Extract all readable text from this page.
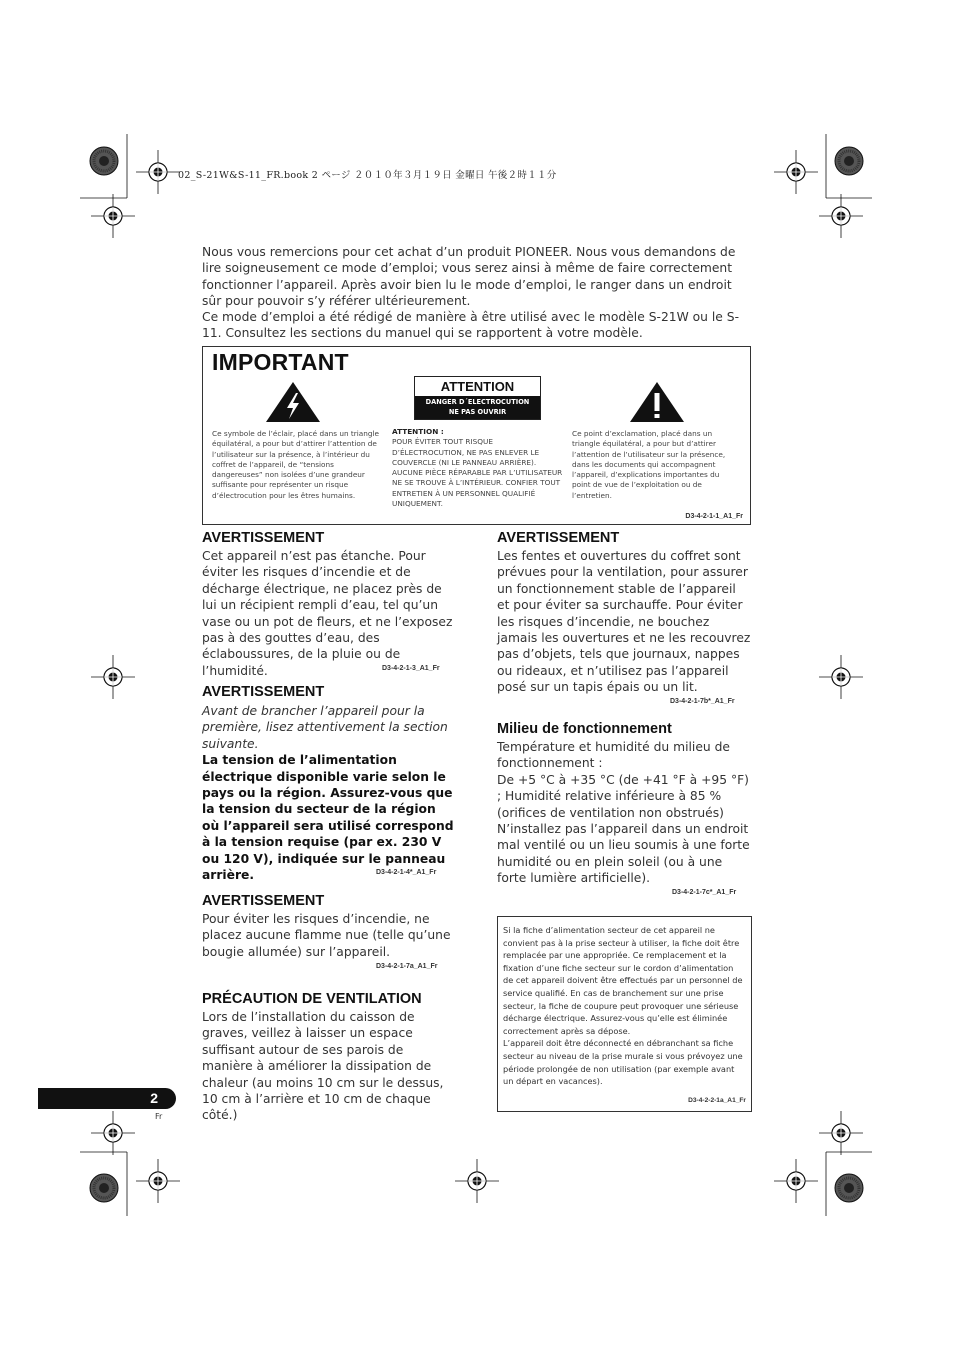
02_S-21W&S-11_FR.book 2 ページ ２０１０年３月１９日 金曜日 午後２時１１分

Nous vous remercions pour cet achat d’un produit PIONEER. Nous vous demandons de lire soigneusement ce mode d’emploi; vous serez ainsi à même de faire correctement fonctionner l’appareil. Après avoir bien lu le mode d’emploi, le ranger dans un endroit sûr pour pouvoir s’y référer ultérieurement.

Ce mode d’emploi a été rédigé de manière à être utilisé avec le modèle S-21W ou le S-11. Consultez les sections du manuel qui se rapportent à votre modèle.

IMPORTANT
ATTENTION
DANGER D´ELECTROCUTION
NE PAS OUVRIR
Ce symbole de l’éclair, placé dans un triangle équilatéral, a pour but d’attirer l’attention de l’utilisateur sur la présence, à l’intérieur du coffret de l’appareil, de “tensions dangereuses” non isolées d’une grandeur suffisante pour représenter un risque d’électrocution pour les êtres humains.
ATTENTION :
POUR ÉVITER TOUT RISQUE D’ÉLECTROCUTION, NE PAS ENLEVER LE COUVERCLE (NI LE PANNEAU ARRIÈRE). AUCUNE PIÈCE RÉPARABLE PAR L’UTILISATEUR NE SE TROUVE À L’INTÉRIEUR. CONFIER TOUT ENTRETIEN À UN PERSONNEL QUALIFIÉ UNIQUEMENT.
Ce point d’exclamation, placé dans un triangle équilatéral, a pour but d’attirer l’attention de l’utilisateur sur la présence, dans les documents qui accompagnent l’appareil, d’explications importantes du point de vue de l’exploitation ou de l’entretien.
D3-4-2-1-1_A1_Fr
AVERTISSEMENT
Cet appareil n’est pas étanche. Pour éviter les risques d’incendie et de décharge électrique, ne placez près de lui un récipient rempli d’eau, tel qu’un vase ou un pot de fleurs, et ne l’exposez pas à des gouttes d’eau, des éclaboussures, de la pluie ou de l’humidité.	D3-4-2-1-3_A1_Fr
AVERTISSEMENT

Avant de brancher l’appareil pour la première, lisez attentivement la section suivante.

La tension de l’alimentation électrique disponible varie selon le pays ou la région. Assurez-vous que la tension du secteur de la région où l’appareil sera utilisé correspond à la tension requise (par ex. 230 V ou 120 V), indiquée sur le panneau arrière.	D3-4-2-1-4*_A1_Fr
AVERTISSEMENT
Pour éviter les risques d’incendie, ne placez aucune flamme nue (telle qu’une bougie allumée) sur l’appareil.
D3-4-2-1-7a_A1_Fr
PRÉCAUTION DE VENTILATION
Lors de l’installation du caisson de graves, veillez à laisser un espace suffisant autour de ses parois de manière à améliorer la dissipation de chaleur (au moins 10 cm sur le dessus, 10 cm à l’arrière et 10 cm de chaque côté.)
AVERTISSEMENT
Les fentes et ouvertures du coffret sont prévues pour la ventilation, pour assurer un fonctionnement stable de l’appareil et pour éviter sa surchauffe. Pour éviter les risques d’incendie, ne bouchez jamais les ouvertures et ne les recouvrez pas d’objets, tels que journaux, nappes ou rideaux, et n’utilisez pas l’appareil posé sur un tapis épais ou un lit.
D3-4-2-1-7b*_A1_Fr
Milieu de fonctionnement
Température et humidité du milieu de fonctionnement :
De +5 °C à +35 °C (de +41 °F à +95 °F) ; Humidité relative inférieure à 85 % (orifices de ventilation non obstrués)
N’installez pas l’appareil dans un endroit mal ventilé ou un lieu soumis à une forte humidité ou en plein soleil (ou à une forte lumière artificielle).
D3-4-2-1-7c*_A1_Fr

Si la fiche d’alimentation secteur de cet appareil ne convient pas à la prise secteur à utiliser, la fiche doit être remplacée par une appropriée. Ce remplacement et la fixation d’une fiche secteur sur le cordon d’alimentation de cet appareil doivent être effectués par un personnel de service qualifié. En cas de branchement sur une prise secteur, la fiche de coupure peut provoquer une sérieuse décharge électrique. Assurez-vous qu’elle est éliminée correctement après sa dépose.

L’appareil doit être déconnecté en débranchant sa fiche secteur au niveau de la prise murale si vous prévoyez une période prolongée de non utilisation (par exemple avant un départ en vacances).

D3-4-2-2-1a_A1_Fr
2
Fr
